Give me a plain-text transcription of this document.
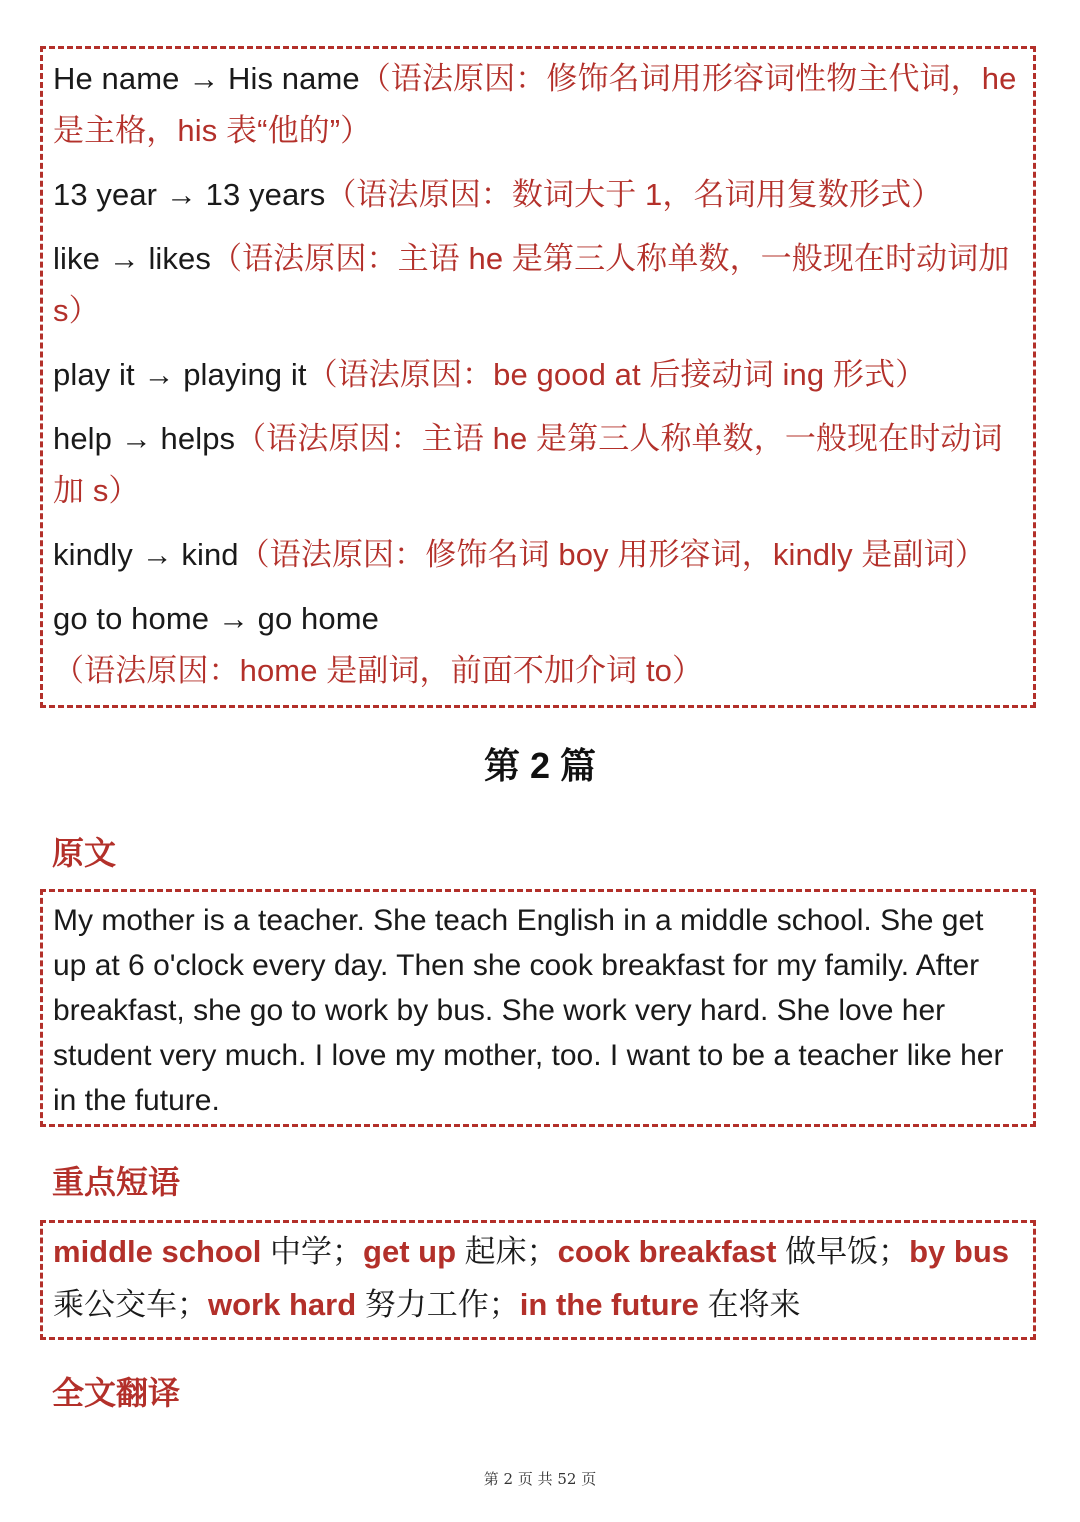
He name → His name（语法原因：修饰名词用形容词性物主代词，he 是主格，his 表“他的”）
13 year → 13 years（语法原因：数词大于 1，名词用复数形式）
like → likes（语法原因：主语 he 是第三人称单数，一般现在时动词加 s）
play it → playing it（语法原因：be good at 后接动词 ing 形式）
help → helps（语法原因：主语 he 是第三人称单数，一般现在时动词加 s）
kindly → kind（语法原因：修饰名词 boy 用形容词，kindly 是副词）
go to home → go home（语法原因：home 是副词，前面不加介词 to）
第 2 篇
原文
My mother is a teacher. She teach English in a middle school. She get up at 6 o'clock every day. Then she cook breakfast for my family. After breakfast, she go to work by bus. She work very hard. She love her student very much. I love my mother, too. I want to be a teacher like her in the future.
重点短语
middle school 中学；get up 起床；cook breakfast 做早饭；by bus 乘公交车；work hard 努力工作；in the future 在将来
全文翻译
第 2 页 共 52 页
